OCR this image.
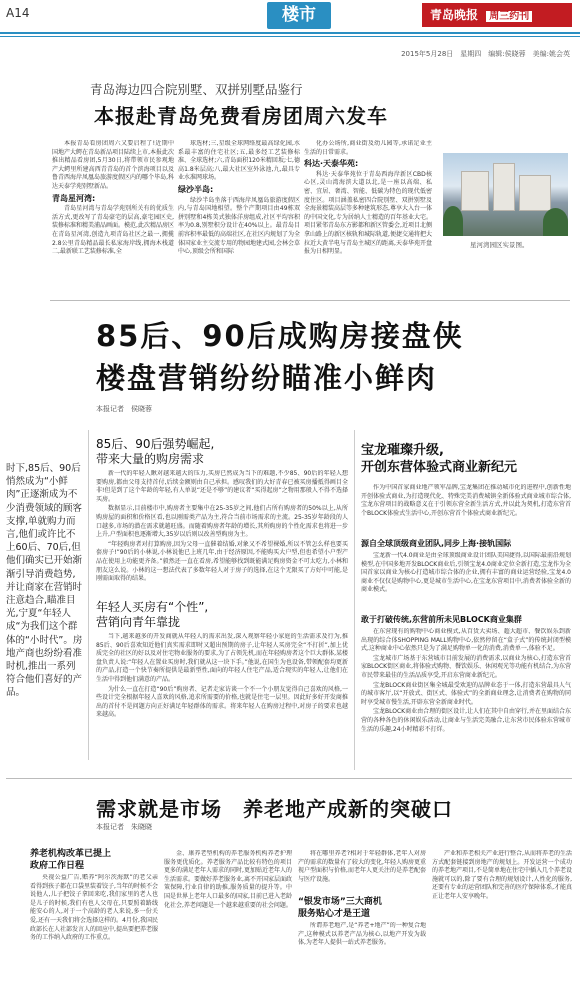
A14	楼市	青岛晚报 周三约刊
2015年5月28日　星期四　编辑:侯晓蓉　美编:姚会英
青岛海边四合院别墅、双拼别墅品鉴行
本报赴青岛免费看房团周六发车

本报青岛看房团周六又要启程了!近期中国地产大鳄在青岛新品项目陆续上市,本报此次推出精品看房团,5月30日,将带领市民参观地产大鳄里所建高西青青岛的首个滨海项目以及鲁青西海岸凤凰岛旅游度假区内的哪个毕岛,科达天泰学苑别墅新品。

青岛星河湾:

青岛星河湾与青岛学苑别所关有的优质生活方式,更改写了青岛豪宅的层高,豪宅园区史,装修标准和精美浦品画面。模范,此次精品房区在青岛星河湾,创造九项青岛社区之最一,拥揽2.8公里青岛精品最长私家海岸线,拥海木栈道二,最新联工艺装修标准,全

球选材;三,星级全球网络度最高绿化园,水系最丰富的住宅社区;五,最多经工艺装修标准、全球选材;六,青岛面积120米精回坂;七,德高1.8米层高;八,最大社区室外泳池,九,最具专业水准网球场。

绿沙半岛:

绿沙半岛坐落于西海岸凤凰岛旅游度假区内,与青岛国地相望。整个产期项目由49栋双拼别墅和4栋美式独体洋房组成,社区平均容积率为0.8,别墅积分设计在40%以上。最青岛目前容积率最低的高端社区,在社区内规划了为全体国家业主交流专用的物园地建式园,会林会草中心,顶级会所和国际

化办公场所,商业街及幼儿园等,承诺足业主生活的日常需求。

科达·天泰华苑:

科达·天泰华苑位于青岛西海岸新区CBD核心区,灵山湾海滨大道以北,是一座以高端、私密、宜居、奢湾、智能、低碳为特色的现代低密度住区。项目涵盖私密四合院别墅、双拼别墅及全海景精装高层等多种建筑形态,尊享大入台一体的中国文化,专为居纳人士精造的百年基业大宅。项目紧邻青岛东方影都和新区管委会,近项目北侧拿山路上的新区核轨和城际轨道,便捷交通将把大拉近大黄半电与青岛主城区的距离,天泰华苑开盘报为日相明显。

星河湾园区实景图。
85后、90后成购房接盘侠
楼盘营销纷纷瞄准小鲜肉
本报记者　侯晓蓉

时下,85后、90后悄然成为“小鲜肉”正逐渐成为不少消费领域的顾客支撑,单就购力而言,他们或许比不上60后、70后,但他们确实已开始渐渐引导消费趋势,并让商家在营销时注意趋合,瞄准目光,宁夏“年轻人成“为我们这个群体的“小时代”。房地产商也纷纷看准时机,推出一系列符合他们喜好的产品。

85后、90后强势崛起,
带来大量的购房需求

新一代的年轻人瞅对越来越大的压力,买房已然成为当下的难题,不少85、90后的年轻人想要购房,都由父母支持首付,后续金额则由自己承担。感叹我们的大好青春已被买房播抵得画目全非!但是到了这个年龄的年轻,有人单说“还是不够”的建议者“买得起房”之物用那般人不得不选择买房。

数据显示,目前楼市中,购房者主要集中在25-35岁之间,他们占所有购房者的50%以上,从所购房屋的面积和价格区看,也以刚需类产品为主,符合当前市场需求的主流。25-35岁年龄段的人口越多,市场的潜在需求就越旺盛。而随着购房者年龄的增长,其所购房的个性化需求也将进一步上升,户型面积也逐渐增大,35岁以后则以改善型购房为主。

“年轻购房者对打算购房,因为父母一直催着结婚,对象又不希望裸婚,所以不管怎么样也要买套房子!”90后的小林说,小林说他已上班几年,由于经济原因,不能购买大户型,但也希望小户型产品在使用上功能更齐备。”毅然还一直在看房,希望能够找到既能满足购房资金不可太吃力,小林和朋友这么说。小林的这一想法代表了多数年轻人对于房子的选择,在这个无限买了方好中可能,是刚需面取得的结果。

年轻人买房有“个性”,
营销向青年靠拢

当下,越来越多的开发商就从年轻人的需求出发,深入观察年轻小家庭的生活需求及行为,推85后、90后喜欢知近他们真实需求即时又超出预期的房子,让年轻人买房完全“不打折”,加上优质完全的社区的好以及对住宅物业服务的要求,为了占领先机,而在年轻购房者这个巨大群体,某楼盘负责人说:“年轻人在置业买房时,我们就从这一块下手。”他说,在国生为也设备,带领配套均更新的产品,打造一个快节奏所提供是最新型性,面向的年轻人住宅产品,适合现实的年轻人,让他们在生活中得到他们满意的产品。

为什么一直在打造“90后”购房者、记者走家访谈一个不一个小朋友觉得自己喜欢的风格,一些设计完全根据年轻人喜欢的风格,追求所需要的价格,也就是住宅一层里。因此好多好开发商推出的首付不是问题方向正好满足年轻群体的需求。将来年轻人在购房过程中,对房子的要求也越来越高。

宝龙璀璨升级,
开创东营体验式商业新纪元

作为中国首家商业地产领军品牌,宝龙集团在推动城市化的进程中,创新性地开创体验式商业,为打造现代化、特殊完美消费城镇全新体验式商业城市综合体,宝龙东营项目的战略意义在于引领东营全新生活方式,并以此为契机,打造东营首个BLOCK体验式生活中心,开创东营首个体验式商业新纪元。

源自全球顶级商业团队,同步上海·接轨国际

宝龙新一代4.0商业是由全球顶级商业设计团队美国捷得,以国际最前沿规划模型,在中国多地开发BLOCK商业后,引领宝龙4.0商业定位全新打造,宝龙作为全国首家以商业为核心打造城市综合体的企业,拥有丰富的商业运营经验,宝龙4.0商业不仅仅是购物中心,更是城市生活中心,在宝龙东营项目中,消费者体验全新的商业模式。

敢于打破传统,东营前所未见BLOCK商业集群

在东营现有的购物中心商业模式,从百货大卖场、超大超市、餐饮娱乐到新出现的综合体SHOPPING MALL购物中心,依然停留在“盒子式”的传统封闭型模式,这种商业中心依然只是为了满足购物单一化的消费,消费单一,体验不足。

宝龙城市广场基于东营城市目前发展的消费需求,以商业为核心,打造东营首家BLOCK街区商业,将体验式购物、餐饮娱乐、休闲观光等功能有机结合,为东营市民带来最佳的生活品质享受,开启东营商业新纪元。

宝龙BLOCK商业街区集全城最受欢迎的品牌业态于一体,打造东营最具人气的城市客厅,以“开放式、街区式、体验式”的全新商业理念,让消费者在购物的同时享受城市慢生活,开辟东营全新商业时代。

宝龙BLOCK商业由合理的街区设计,让人们在其中自由穿行,并在里面结合东营的各种各色的休闲娱乐活动,让商业与生活完美融合,让东营市民体验东营城市生活的乐趣,24小时精彩不打烊。

需求就是市场　养老地产成新的突破口
本报记者　朱晓晓
养老机构改革已提上
政府工作日程

央视公益广告,赡养“阿尔茨海默”的老父亲看得到孩子都在口袋里装着饺子,当年的时候不会说他人,儿子把饺子拿回来吃,我们家里的老人也是儿子的时候,我们有也人父母在,只要照着路线能安心的人,对于一个高龄的老人来说,多一份关爱,还有一天我们将会选择这样的。4月份,我国民政部长在人社部发言人的回应中,提出要把养老服务的工作纳入政府的工作重点。

金、康养老型机构的养老服务机构养老护理服务更优质化。养老服务产品比较有特色的项目更多的满足老年人需求的同时,更加贴近老年人的生活需求。要做好养老服务业,离不开国家层面政策保障,行业自律的助推,服务质量的提升等。中国是世界上老年人口最多的国家,目前已进入老龄化社会,养老问题是一个越来越重要的社会问题。

将在哪里养老?相对于年轻群体,老年人对房产的需求的数量有了较大的变化,年轻人购房更重视户型面积与价格,而老年人更关注的是养老配套与医疗设施。

“银发市场”三大商机
服务贴心才是王道

所谓养老地产,是“养老+地产”的一种复合地产,这种模式以养老产品为核心,以地产开发为载体,为老年人提供一站式养老服务。

产业和养老相关产业进行整合,从而将养老的生活方式配套链接到房地产的规划上。开发运营一个成功的养老地产项目,不是简单地在住宅中插入几个养老设施就可以的,除了要有合理的规划设计,人性化的服务,还要有专业的运营团队和完善的医疗保障体系,才能真正让老年人安享晚年。
